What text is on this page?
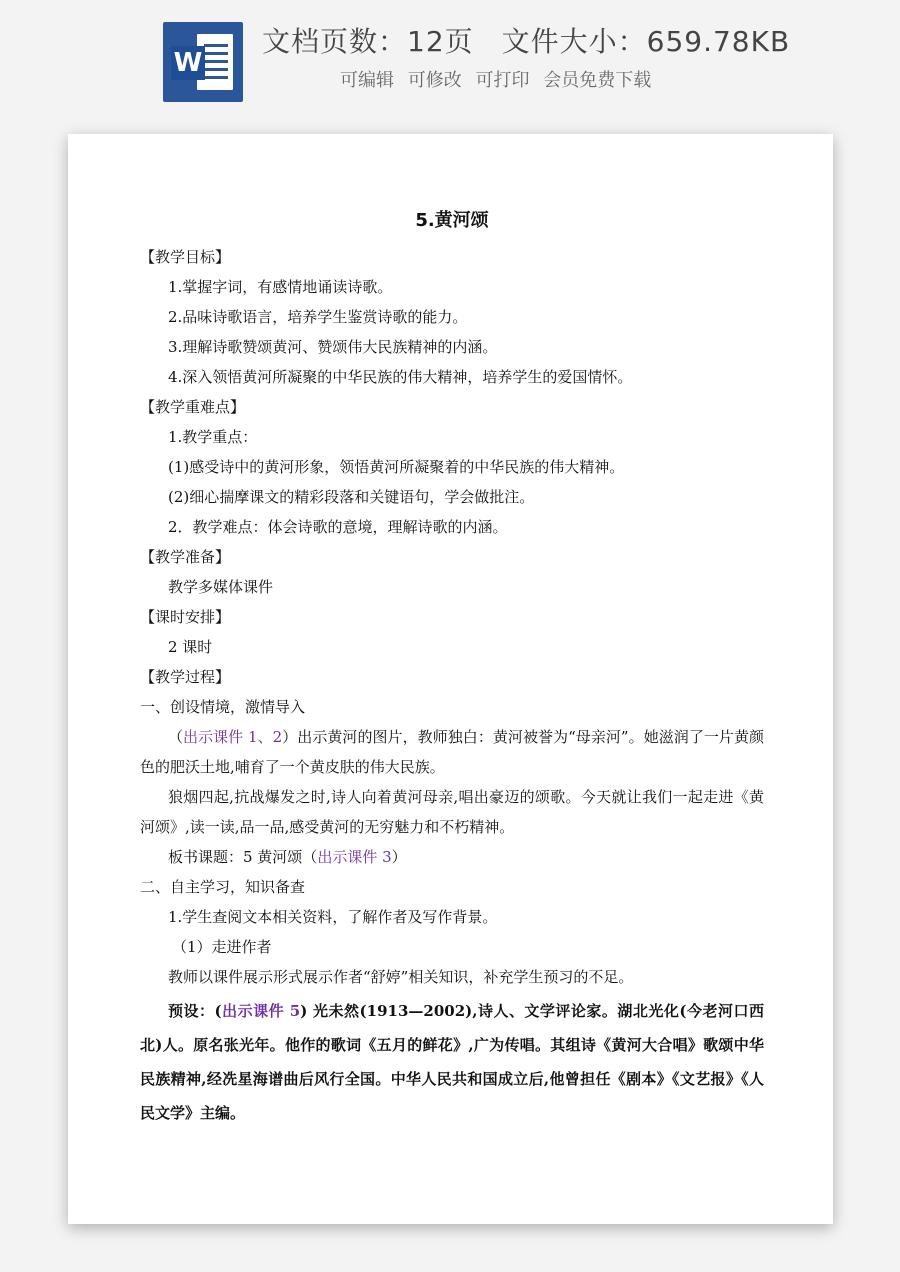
W
文档页数：12页 文件大小：659.78KB
可编辑 可修改 可打印 会员免费下载
5.黄河颂
【教学目标】
1.掌握字词，有感情地诵读诗歌。
2.品味诗歌语言，培养学生鉴赏诗歌的能力。
3.理解诗歌赞颂黄河、赞颂伟大民族精神的内涵。
4.深入领悟黄河所凝聚的中华民族的伟大精神，培养学生的爱国情怀。
【教学重难点】
1.教学重点：
(1)感受诗中的黄河形象，领悟黄河所凝聚着的中华民族的伟大精神。
(2)细心揣摩课文的精彩段落和关键语句，学会做批注。
2．教学难点：体会诗歌的意境，理解诗歌的内涵。
【教学准备】
教学多媒体课件
【课时安排】
2 课时
【教学过程】
一、创设情境，激情导入
（出示课件 1、2）出示黄河的图片，教师独白：黄河被誉为“母亲河”。她滋润了一片黄颜色的肥沃土地,哺育了一个黄皮肤的伟大民族。
狼烟四起,抗战爆发之时,诗人向着黄河母亲,唱出豪迈的颂歌。今天就让我们一起走进《黄河颂》,读一读,品一品,感受黄河的无穷魅力和不朽精神。
板书课题：5 黄河颂（出示课件 3）
二、自主学习，知识备查
1.学生查阅文本相关资料，了解作者及写作背景。
（1）走进作者
教师以课件展示形式展示作者“舒婷”相关知识，补充学生预习的不足。
预设：(出示课件 5) 光未然(1913—2002),诗人、文学评论家。湖北光化(今老河口西北)人。原名张光年。他作的歌词《五月的鲜花》,广为传唱。其组诗《黄河大合唱》歌颂中华民族精神,经冼星海谱曲后风行全国。中华人民共和国成立后,他曾担任《剧本》《文艺报》《人民文学》主编。
